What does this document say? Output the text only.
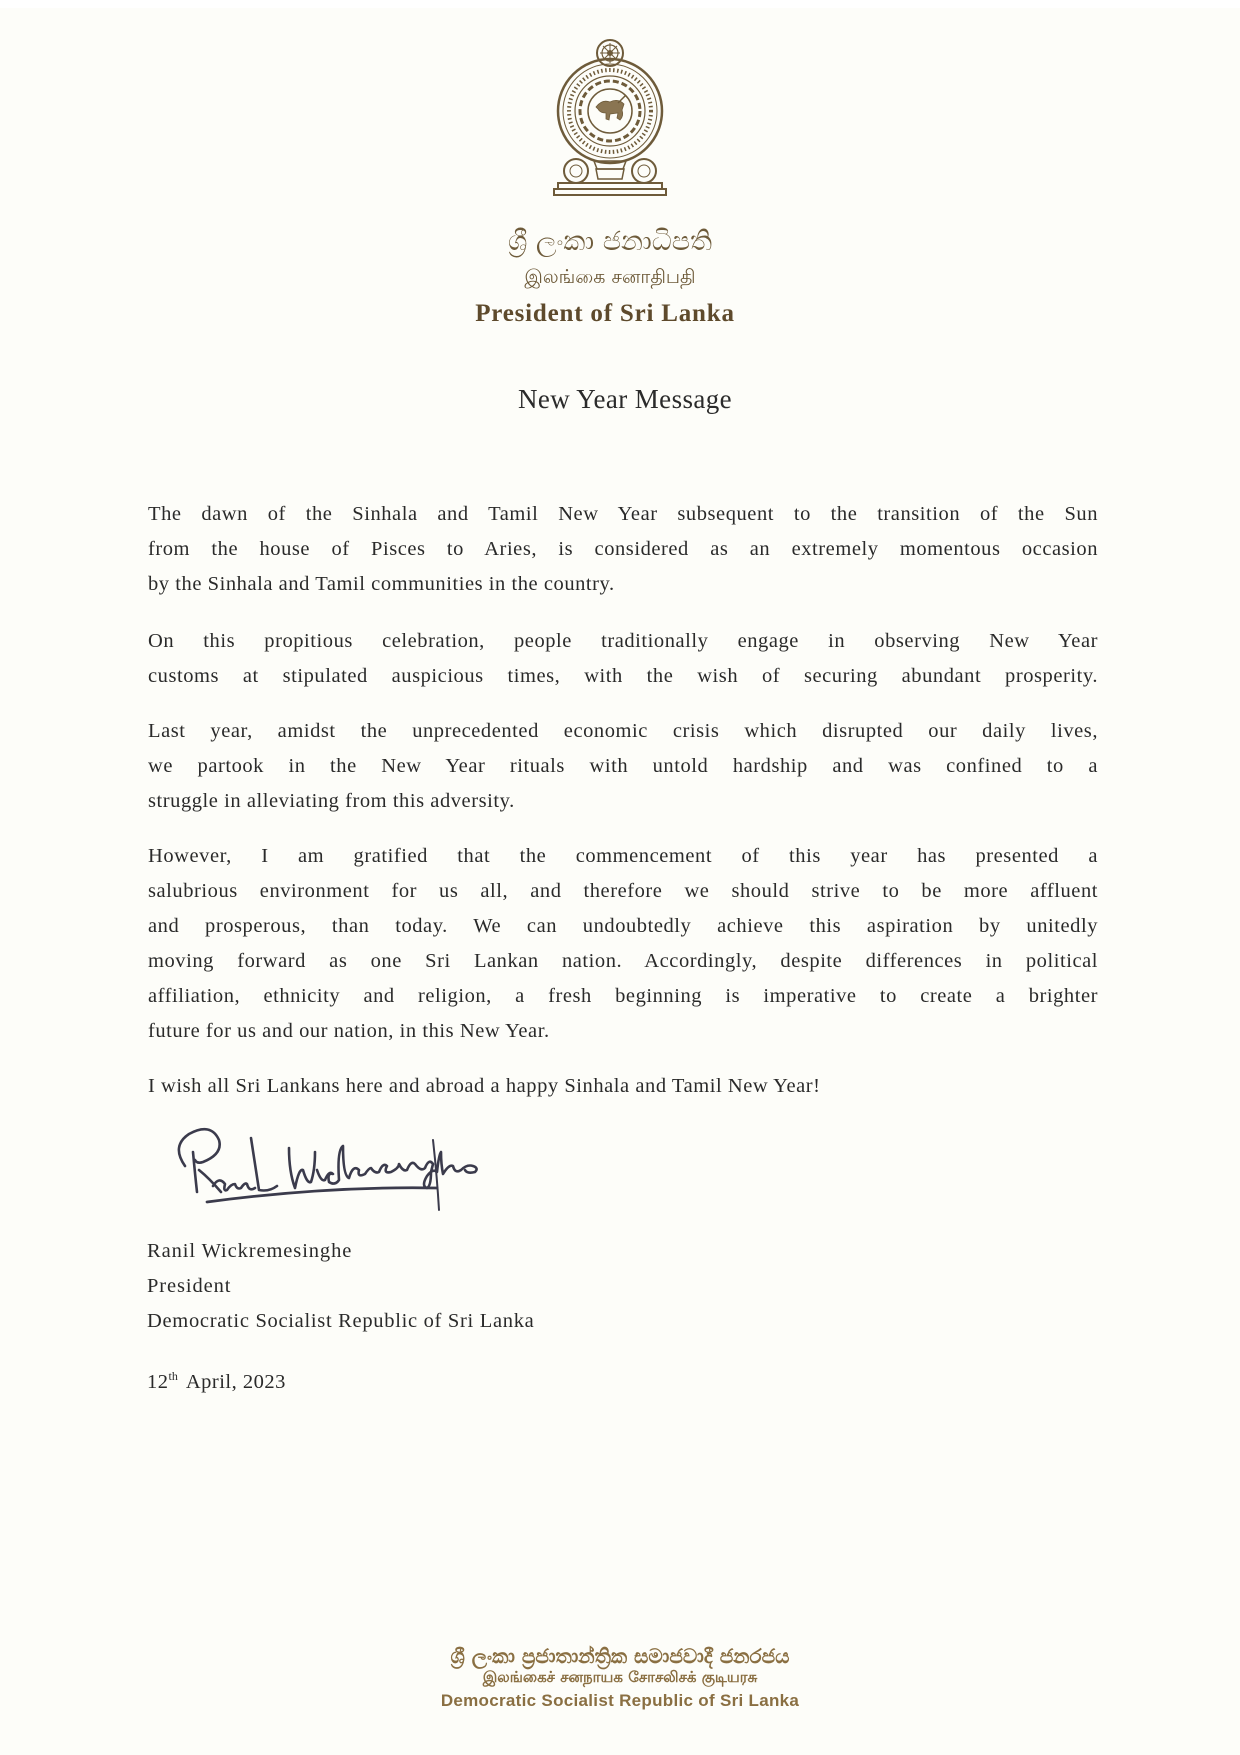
ශ්‍රී ලංකා ජනාධිපති
இலங்கை சனாதிபதி
President of Sri Lanka
New Year Message
The dawn of the Sinhala and Tamil New Year subsequent to the transition of the Sun
from the house of Pisces to Aries, is considered as an extremely momentous occasion
by the Sinhala and Tamil communities in the country.
On this propitious celebration, people traditionally engage in observing New Year
customs at stipulated auspicious times, with the wish of securing abundant prosperity.
Last year, amidst the unprecedented economic crisis which disrupted our daily lives,
we partook in the New Year rituals with untold hardship and was confined to a
struggle in alleviating from this adversity.
However, I am gratified that the commencement of this year has presented a
salubrious environment for us all, and therefore we should strive to be more affluent
and prosperous, than today. We can undoubtedly achieve this aspiration by unitedly
moving forward as one Sri Lankan nation. Accordingly, despite differences in political
affiliation, ethnicity and religion, a fresh beginning is imperative to create a brighter
future for us and our nation, in this New Year.
I wish all Sri Lankans here and abroad a happy Sinhala and Tamil New Year!
Ranil Wickremesinghe
President
Democratic Socialist Republic of Sri Lanka
12th April, 2023
ශ්‍රී ලංකා ප්‍රජාතාන්ත්‍රික සමාජවාදී ජනරජය
இலங்கைச் சனநாயக சோசலிசக் குடியரசு
Democratic Socialist Republic of Sri Lanka
